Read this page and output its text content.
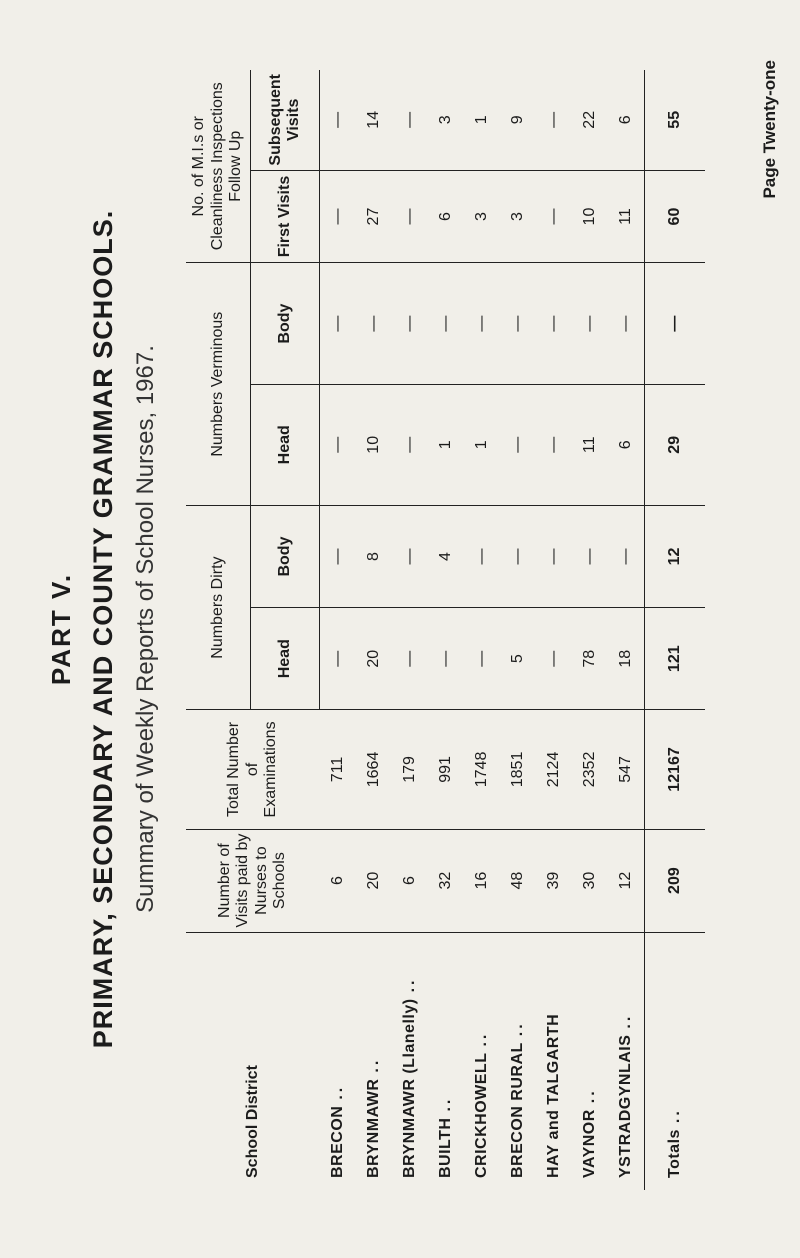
PART V. PRIMARY, SECONDARY AND COUNTY GRAMMAR SCHOOLS. Summary of Weekly Reports of School Nurses, 1967.
School District	Number of Visits paid by Nurses to Schools	Total Number of Examinations	Numbers Dirty		Numbers Verminous		No. of M.I.s or Cleanliness Inspections Follow Up	
			Head	Body	Head	Body	First Visits	Subsequent Visits
BRECON..	6	711	—	—	—	—	—	—
BRYNMAWR..	20	1664	20	8	10	—	27	14
BRYNMAWR (Llanelly)..	6	179	—	—	—	—	—	—
BUILTH..	32	991	—	4	1	—	6	3
CRICKHOWELL..	16	1748	—	—	1	—	3	1
BRECON RURAL..	48	1851	5	—	—	—	3	9
HAY and TALGARTH	39	2124	—	—	—	—	—	—
VAYNOR..	30	2352	78	—	11	—	10	22
YSTRADGYNLAIS..	12	547	18	—	6	—	11	6
Totals..	209	12167	121	12	29	—	60	55	Page Twenty-one
